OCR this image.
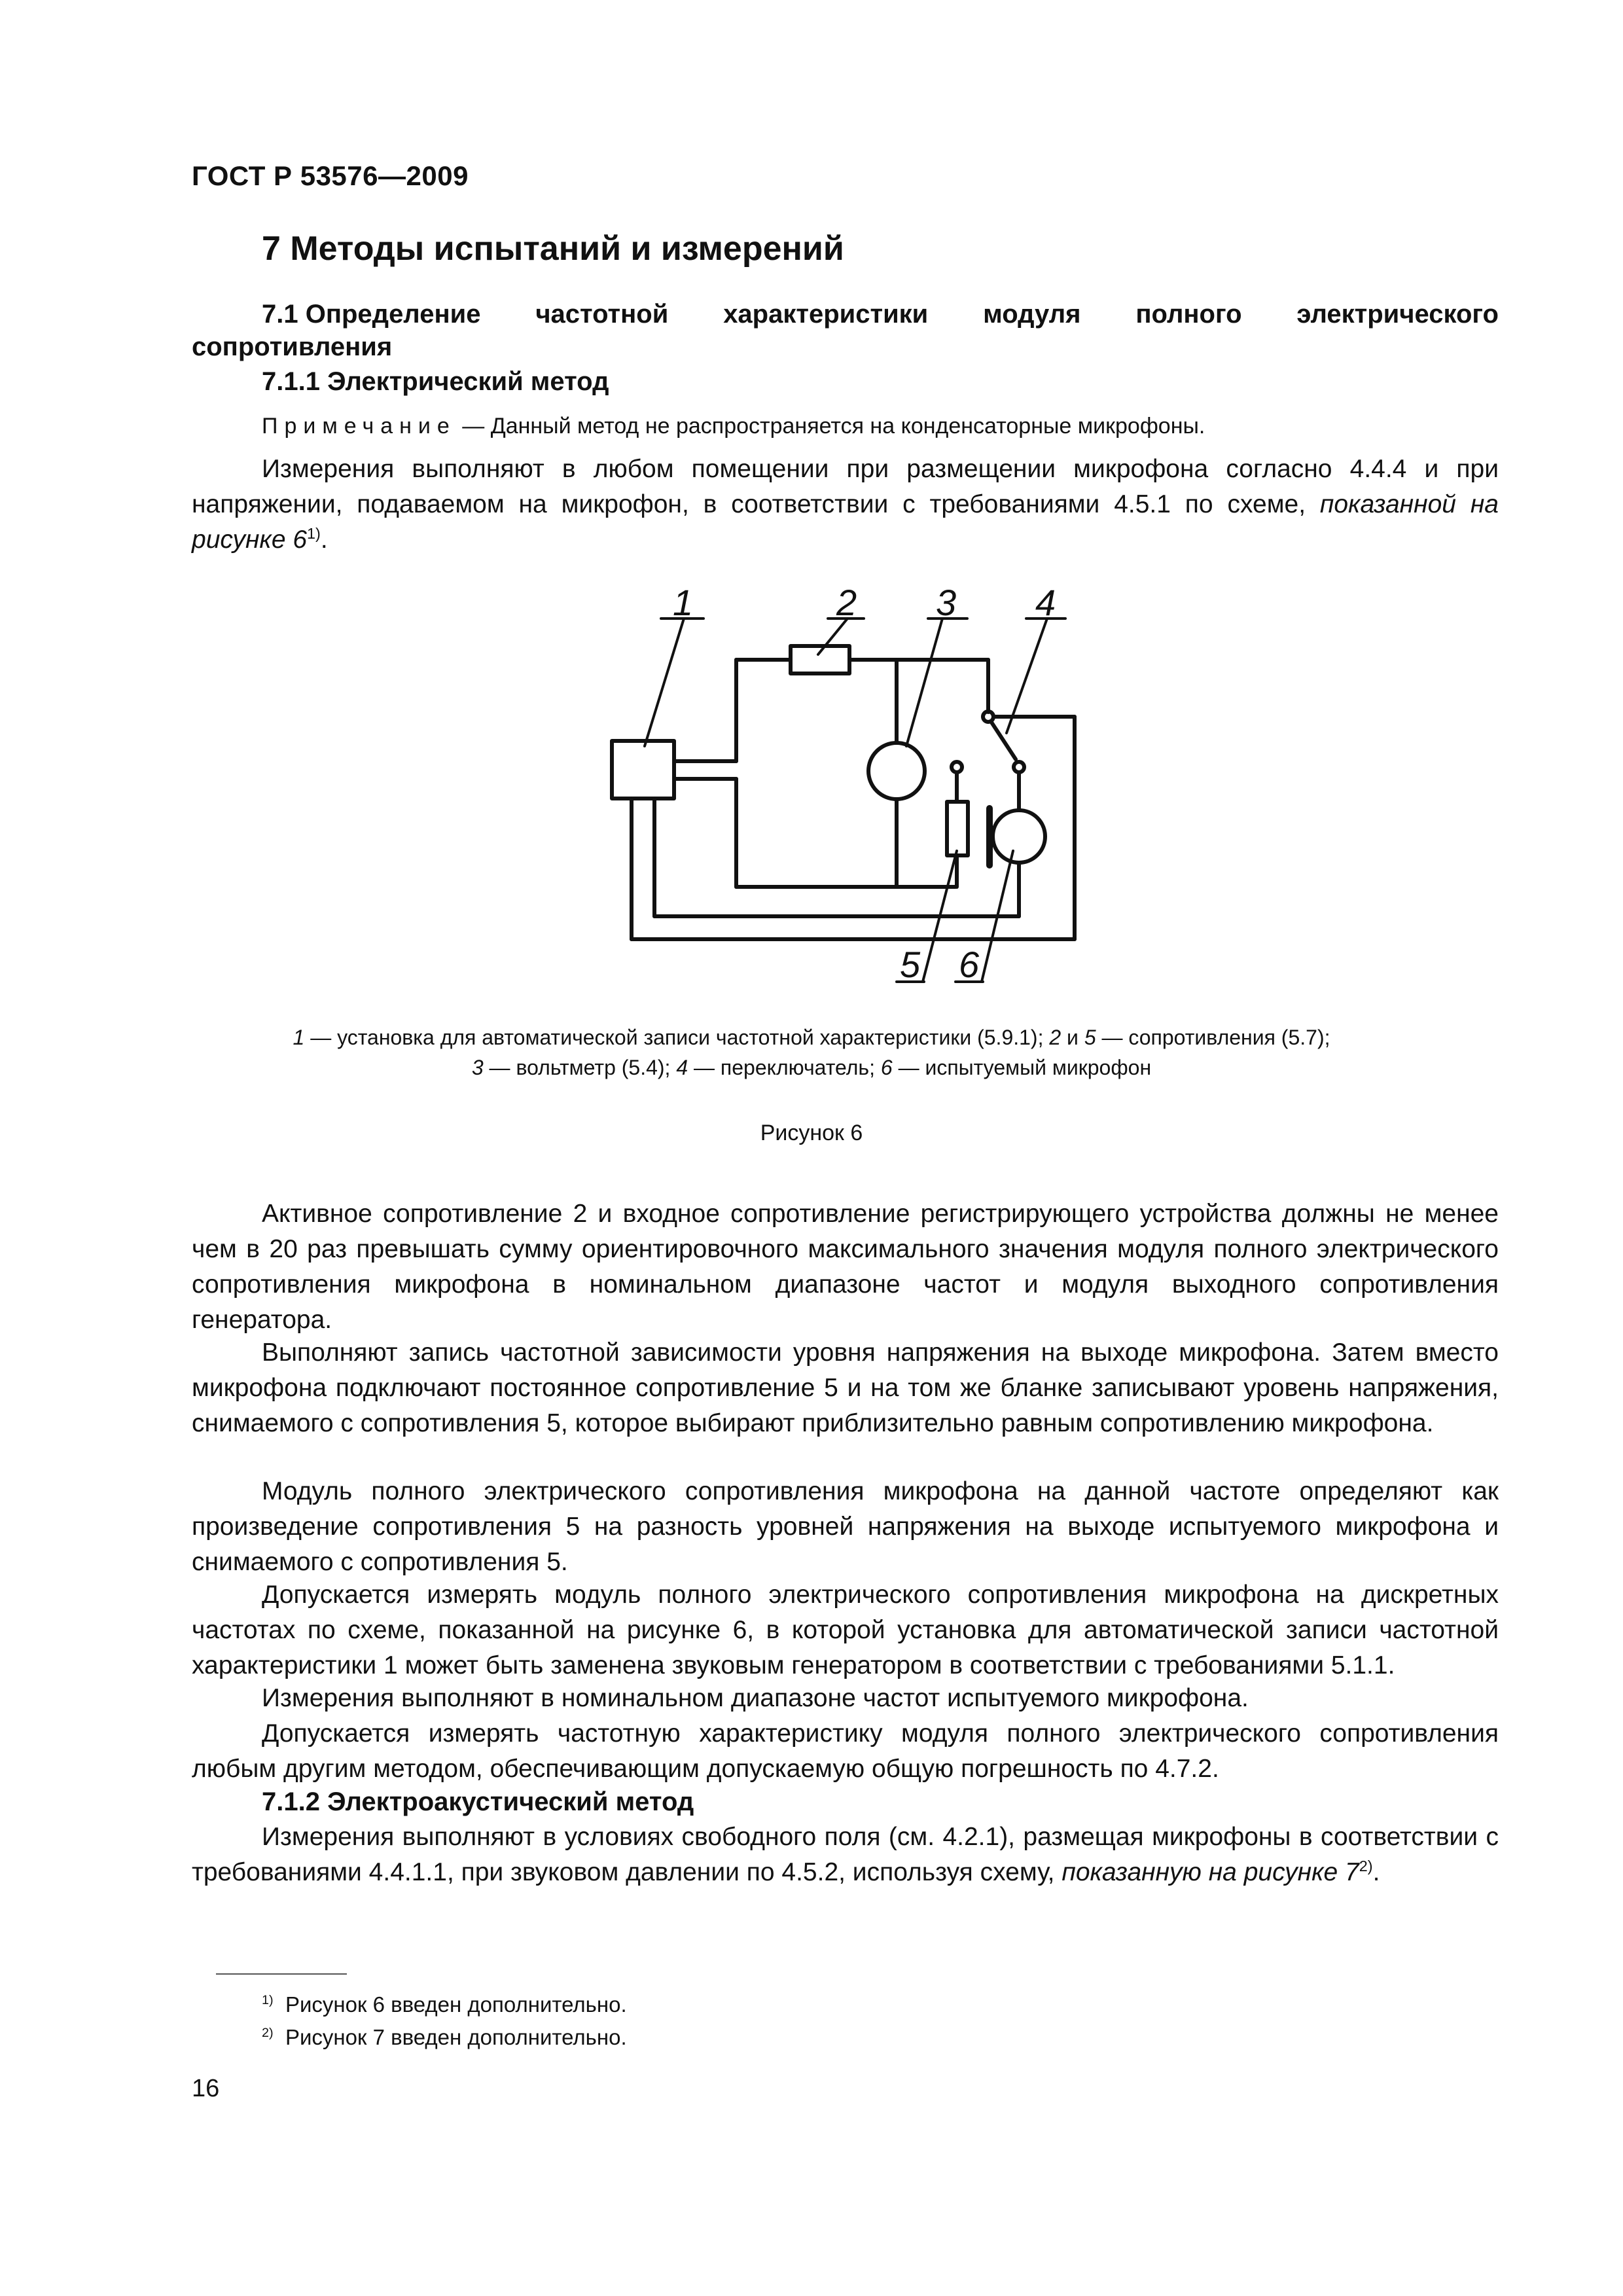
ГОСТ Р 53576—2009
7 Методы испытаний и измерений
7.1 Определение частотной характеристики модуля полного электрического
сопротивления
7.1.1 Электрический метод
Примечание — Данный метод не распространяется на конденсаторные микрофоны.
Измерения выполняют в любом помещении при размещении микрофона согласно 4.4.4 и при напряжении, подаваемом на микрофон, в соответствии с требованиями 4.5.1 по схеме, показанной на рисунке 6$^{1)}$.
1	2 3 4
5 6
1 — установка для автоматической записи частотной характеристики (5.9.1); 2 и 5 — сопротивления (5.7);
3 — вольтметр (5.4); 4 — переключатель; 6 — испытуемый микрофон
Рисунок 6
Активное сопротивление 2 и входное сопротивление регистрирующего устройства должны не менее чем в 20 раз превышать сумму ориентировочного максимального значения модуля полного электрического сопротивления микрофона в номинальном диапазоне частот и модуля выходного сопротивления генератора.
Выполняют запись частотной зависимости уровня напряжения на выходе микрофона. Затем вместо микрофона подключают постоянное сопротивление 5 и на том же бланке записывают уровень напряжения, снимаемого с сопротивления 5, которое выбирают приблизительно равным сопротивлению микрофона.
Модуль полного электрического сопротивления микрофона на данной частоте определяют как произведение сопротивления 5 на разность уровней напряжения на выходе испытуемого микрофона и снимаемого с сопротивления 5.
Допускается измерять модуль полного электрического сопротивления микрофона на дискретных частотах по схеме, показанной на рисунке 6, в которой установка для автоматической записи частотной характеристики 1 может быть заменена звуковым генератором в соответствии с требованиями 5.1.1.
Измерения выполняют в номинальном диапазоне частот испытуемого микрофона.
Допускается измерять частотную характеристику модуля полного электрического сопротивления любым другим методом, обеспечивающим допускаемую общую погрешность по 4.7.2.
7.1.2 Электроакустический метод
Измерения выполняют в условиях свободного поля (см. 4.2.1), размещая микрофоны в соответствии с требованиями 4.4.1.1, при звуковом давлении по 4.5.2, используя схему, показанную на рисунке 7$^{2)}$.
$^{1)}$ Рисунок 6 введен дополнительно.
$^{2)}$ Рисунок 7 введен дополнительно.
16
